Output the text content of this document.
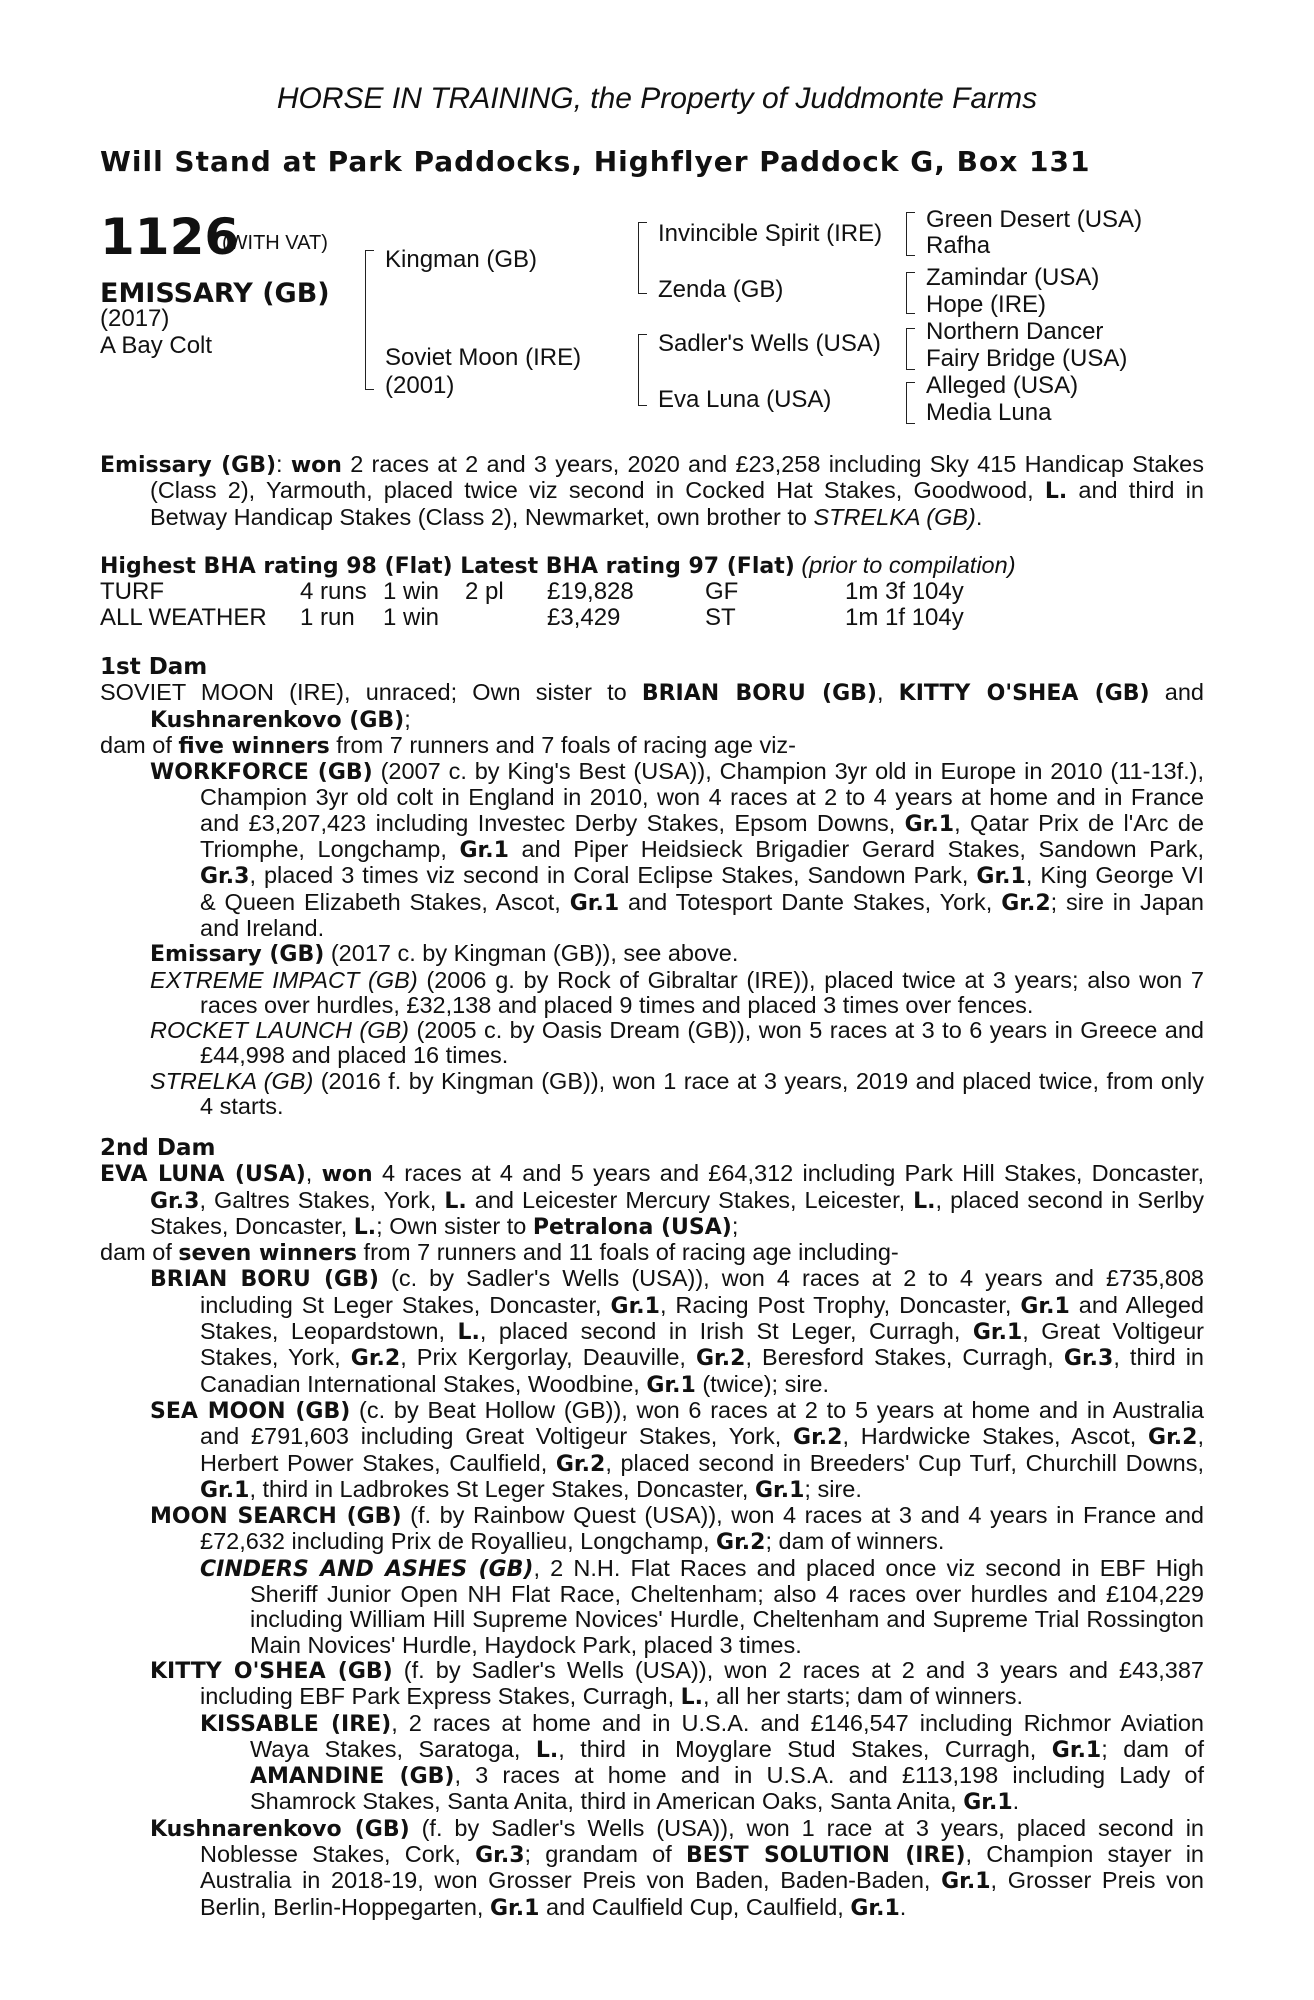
HORSE IN TRAINING, the Property of Juddmonte Farms
Will Stand at Park Paddocks, Highflyer Paddock G, Box 131
1126
(WITH VAT)
EMISSARY (GB)
(2017)
A Bay Colt
Kingman (GB)
Soviet Moon (IRE)
(2001)
Invincible Spirit (IRE)
Zenda (GB)
Sadler's Wells (USA)
Eva Luna (USA)
Green Desert (USA)
Rafha
Zamindar (USA)
Hope (IRE)
Northern Dancer
Fairy Bridge (USA)
Alleged (USA)
Media Luna

Emissary (GB): won 2 races at 2 and 3 years, 2020 and £23,258 including Sky 415 Handicap Stakes (Class 2), Yarmouth, placed twice viz second in Cocked Hat Stakes, Goodwood, L. and third in Betway Handicap Stakes (Class 2), Newmarket, own brother to STRELKA (GB).

Highest BHA rating 98 (Flat) Latest BHA rating 97 (Flat) (prior to compilation)

TURF	4 runs	1 win	2 pl	£19,828	GF	1m 3f 104y
ALL WEATHER	1 run	1 win		£3,429	ST	1m 1f 104y

1st Dam

SOVIET MOON (IRE), unraced; Own sister to BRIAN BORU (GB), KITTY O'SHEA (GB) and Kushnarenkovo (GB);

dam of five winners from 7 runners and 7 foals of racing age viz-

WORKFORCE (GB) (2007 c. by King's Best (USA)), Champion 3yr old in Europe in 2010 (11-13f.), Champion 3yr old colt in England in 2010, won 4 races at 2 to 4 years at home and in France and £3,207,423 including Investec Derby Stakes, Epsom Downs, Gr.1, Qatar Prix de l'Arc de Triomphe, Longchamp, Gr.1 and Piper Heidsieck Brigadier Gerard Stakes, Sandown Park, Gr.3, placed 3 times viz second in Coral Eclipse Stakes, Sandown Park, Gr.1, King George VI & Queen Elizabeth Stakes, Ascot, Gr.1 and Totesport Dante Stakes, York, Gr.2; sire in Japan and Ireland.

Emissary (GB) (2017 c. by Kingman (GB)), see above.

EXTREME IMPACT (GB) (2006 g. by Rock of Gibraltar (IRE)), placed twice at 3 years; also won 7 races over hurdles, £32,138 and placed 9 times and placed 3 times over fences.

ROCKET LAUNCH (GB) (2005 c. by Oasis Dream (GB)), won 5 races at 3 to 6 years in Greece and £44,998 and placed 16 times.

STRELKA (GB) (2016 f. by Kingman (GB)), won 1 race at 3 years, 2019 and placed twice, from only 4 starts.

2nd Dam

EVA LUNA (USA), won 4 races at 4 and 5 years and £64,312 including Park Hill Stakes, Doncaster, Gr.3, Galtres Stakes, York, L. and Leicester Mercury Stakes, Leicester, L., placed second in Serlby Stakes, Doncaster, L.; Own sister to Petralona (USA);

dam of seven winners from 7 runners and 11 foals of racing age including-

BRIAN BORU (GB) (c. by Sadler's Wells (USA)), won 4 races at 2 to 4 years and £735,808 including St Leger Stakes, Doncaster, Gr.1, Racing Post Trophy, Doncaster, Gr.1 and Alleged Stakes, Leopardstown, L., placed second in Irish St Leger, Curragh, Gr.1, Great Voltigeur Stakes, York, Gr.2, Prix Kergorlay, Deauville, Gr.2, Beresford Stakes, Curragh, Gr.3, third in Canadian International Stakes, Woodbine, Gr.1 (twice); sire.

SEA MOON (GB) (c. by Beat Hollow (GB)), won 6 races at 2 to 5 years at home and in Australia and £791,603 including Great Voltigeur Stakes, York, Gr.2, Hardwicke Stakes, Ascot, Gr.2, Herbert Power Stakes, Caulfield, Gr.2, placed second in Breeders' Cup Turf, Churchill Downs, Gr.1, third in Ladbrokes St Leger Stakes, Doncaster, Gr.1; sire.

MOON SEARCH (GB) (f. by Rainbow Quest (USA)), won 4 races at 3 and 4 years in France and £72,632 including Prix de Royallieu, Longchamp, Gr.2; dam of winners.

CINDERS AND ASHES (GB), 2 N.H. Flat Races and placed once viz second in EBF High Sheriff Junior Open NH Flat Race, Cheltenham; also 4 races over hurdles and £104,229 including William Hill Supreme Novices' Hurdle, Cheltenham and Supreme Trial Rossington Main Novices' Hurdle, Haydock Park, placed 3 times.

KITTY O'SHEA (GB) (f. by Sadler's Wells (USA)), won 2 races at 2 and 3 years and £43,387 including EBF Park Express Stakes, Curragh, L., all her starts; dam of winners.

KISSABLE (IRE), 2 races at home and in U.S.A. and £146,547 including Richmor Aviation Waya Stakes, Saratoga, L., third in Moyglare Stud Stakes, Curragh, Gr.1; dam of AMANDINE (GB), 3 races at home and in U.S.A. and £113,198 including Lady of Shamrock Stakes, Santa Anita, third in American Oaks, Santa Anita, Gr.1.

Kushnarenkovo (GB) (f. by Sadler's Wells (USA)), won 1 race at 3 years, placed second in Noblesse Stakes, Cork, Gr.3; grandam of BEST SOLUTION (IRE), Champion stayer in Australia in 2018-19, won Grosser Preis von Baden, Baden-Baden, Gr.1, Grosser Preis von Berlin, Berlin-Hoppegarten, Gr.1 and Caulfield Cup, Caulfield, Gr.1.
